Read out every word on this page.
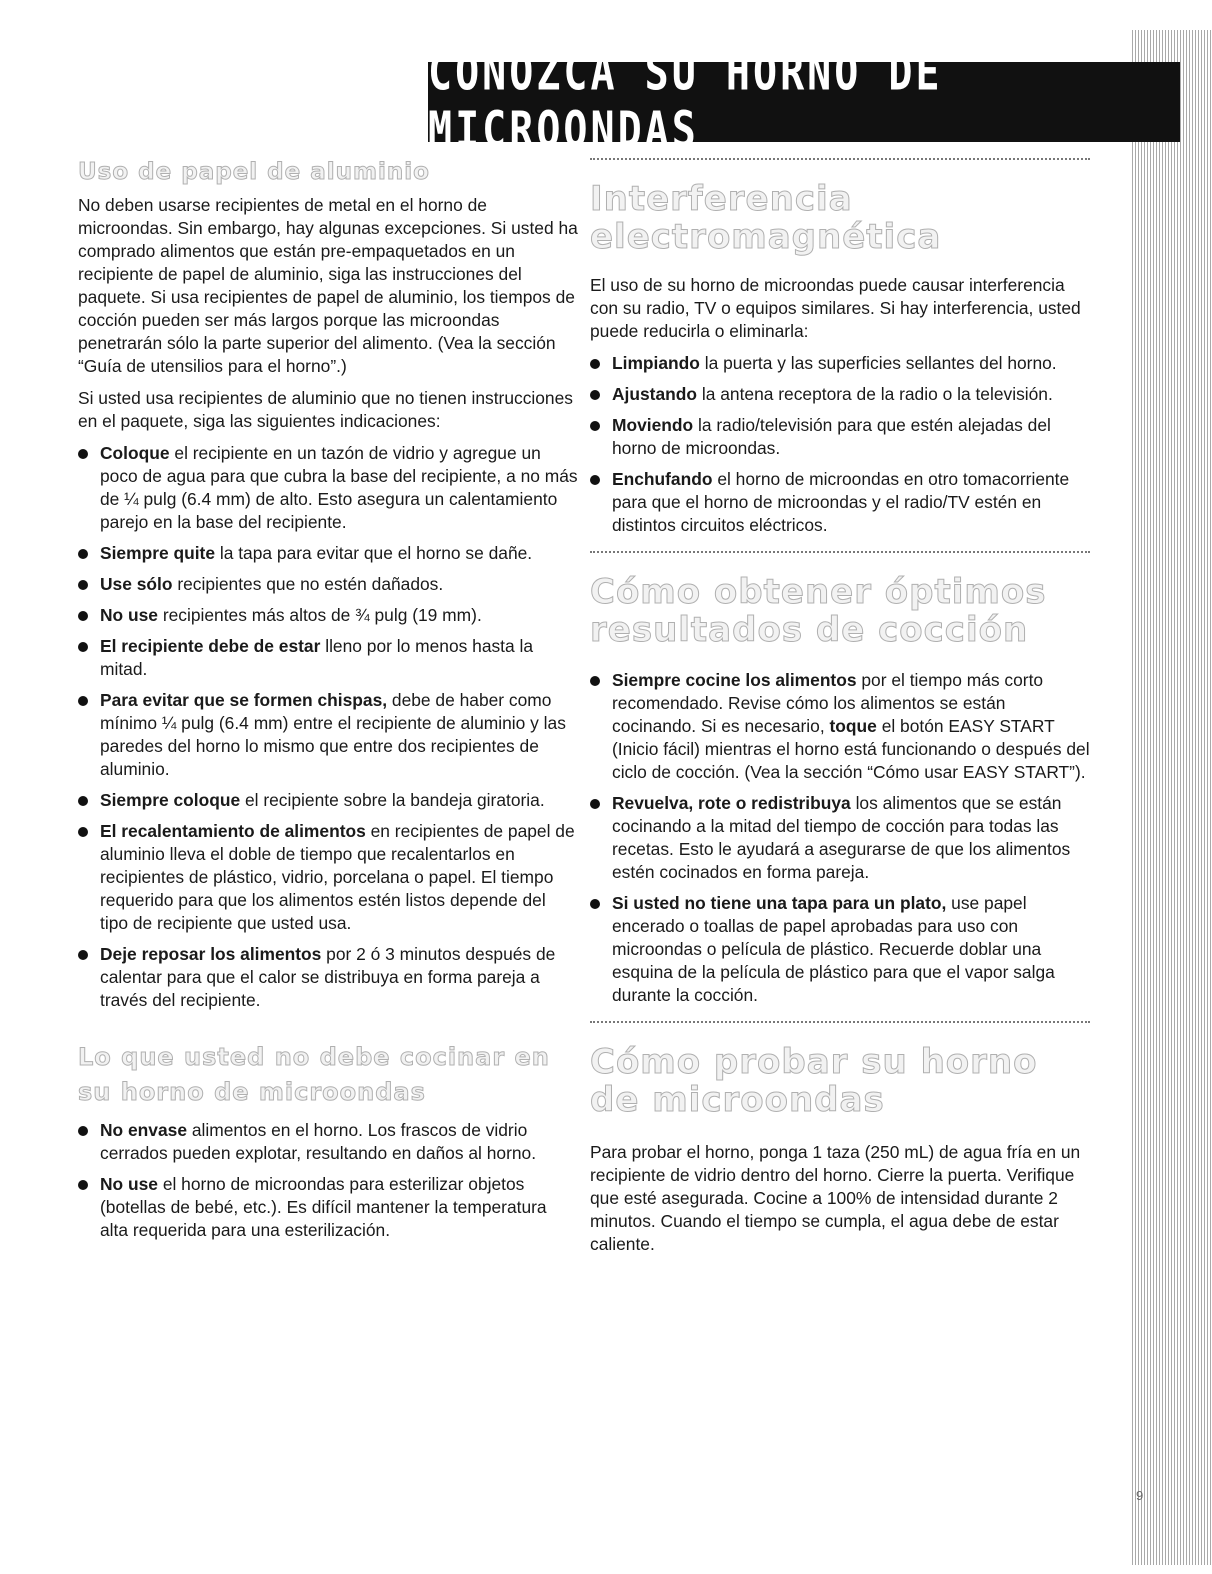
CONOZCA SU HORNO DE MICROONDAS
Uso de papel de aluminio

No deben usarse recipientes de metal en el horno de microondas. Sin embargo, hay algunas excepciones. Si usted ha comprado alimentos que están pre-empaquetados en un recipiente de papel de aluminio, siga las instrucciones del paquete. Si usa recipientes de papel de aluminio, los tiempos de cocción pueden ser más largos porque las microondas penetrarán sólo la parte superior del alimento. (Vea la sección “Guía de utensilios para el horno”.)

Si usted usa recipientes de aluminio que no tienen instrucciones en el paquete, siga las siguientes indicaciones:

Coloque el recipiente en un tazón de vidrio y agregue un poco de agua para que cubra la base del recipiente, a no más de ¼ pulg (6.4 mm) de alto. Esto asegura un calentamiento parejo en la base del recipiente.
Siempre quite la tapa para evitar que el horno se dañe.
Use sólo recipientes que no estén dañados.
No use recipientes más altos de ¾ pulg (19 mm).
El recipiente debe de estar lleno por lo menos hasta la mitad.
Para evitar que se formen chispas, debe de haber como mínimo ¼ pulg (6.4 mm) entre el recipiente de aluminio y las paredes del horno lo mismo que entre dos recipientes de aluminio.
Siempre coloque el recipiente sobre la bandeja giratoria.
El recalentamiento de alimentos en recipientes de papel de aluminio lleva el doble de tiempo que recalentarlos en recipientes de plástico, vidrio, porcelana o papel. El tiempo requerido para que los alimentos estén listos depende del tipo de recipiente que usted usa.
Deje reposar los alimentos por 2 ó 3 minutos después de calentar para que el calor se distribuya en forma pareja a través del recipiente.
Lo que usted no debe cocinar en su horno de microondas
No envase alimentos en el horno. Los frascos de vidrio cerrados pueden explotar, resultando en daños al horno.
No use el horno de microondas para esterilizar objetos (botellas de bebé, etc.). Es difícil mantener la temperatura alta requerida para una esterilización.
Interferencia electromagnética

El uso de su horno de microondas puede causar interferencia con su radio, TV o equipos similares. Si hay interferencia, usted puede reducirla o eliminarla:

Limpiando la puerta y las superficies sellantes del horno.
Ajustando la antena receptora de la radio o la televisión.
Moviendo la radio/televisión para que estén alejadas del horno de microondas.
Enchufando el horno de microondas en otro tomacorriente para que el horno de microondas y el radio/TV estén en distintos circuitos eléctricos.
Cómo obtener óptimos resultados de cocción
Siempre cocine los alimentos por el tiempo más corto recomendado. Revise cómo los alimentos se están cocinando. Si es necesario, toque el botón EASY START (Inicio fácil) mientras el horno está funcionando o después del ciclo de cocción. (Vea la sección “Cómo usar EASY START”).
Revuelva, rote o redistribuya los alimentos que se están cocinando a la mitad del tiempo de cocción para todas las recetas. Esto le ayudará a asegurarse de que los alimentos estén cocinados en forma pareja.
Si usted no tiene una tapa para un plato, use papel encerado o toallas de papel aprobadas para uso con microondas o película de plástico. Recuerde doblar una esquina de la película de plástico para que el vapor salga durante la cocción.
Cómo probar su horno de microondas

Para probar el horno, ponga 1 taza (250 mL) de agua fría en un recipiente de vidrio dentro del horno. Cierre la puerta. Verifique que esté asegurada. Cocine a 100% de intensidad durante 2 minutos. Cuando el tiempo se cumpla, el agua debe de estar caliente.

9
